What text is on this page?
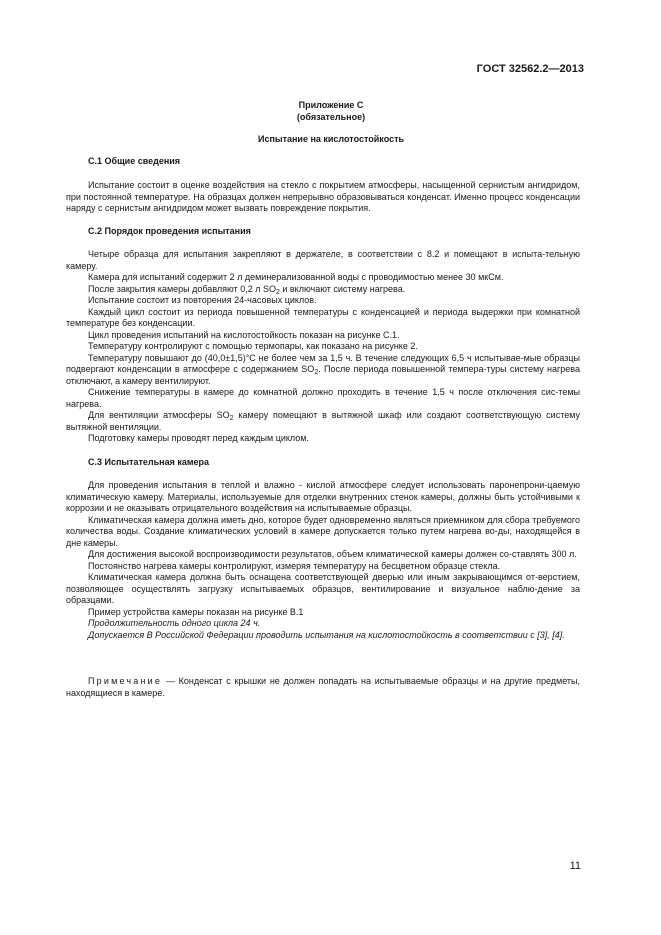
ГОСТ 32562.2—2013
Приложение С
(обязательное)
Испытание на кислотостойкость
С.1 Общие сведения

Испытание состоит в оценке воздействия на стекло с покрытием атмосферы, насыщенной сернистым ангидридом, при постоянной температуре. На образцах должен непрерывно образовываться конденсат. Именно процесс конденсации наряду с сернистым ангидридом может вызвать повреждение покрытия.

С.2 Порядок проведения испытания

Четыре образца для испытания закрепляют в держателе, в соответствии с 8.2 и помещают в испыта-тельную камеру.

Камера для испытаний содержит 2 л деминерализованной воды с проводимостью менее 30 мкСм.

После закрытия камеры добавляют 0,2 л $SO_2$ и включают систему нагрева.

Испытание состоит из повторения 24-часовых циклов.

Каждый цикл состоит из периода повышенной температуры с конденсацией и периода выдержки при комнатной температуре без конденсации.

Цикл проведения испытаний на кислотостойкость показан на рисунке С.1.

Температуру контролируют с помощью термопары, как показано на рисунке 2.

Температуру повышают до (40,0±1,5)°С не более чем за 1,5 ч. В течение следующих 6,5 ч испытывае-мые образцы подвергают конденсации в атмосфере с содержанием $SO_2$. После периода повышенной темпера-туры систему нагрева отключают, а камеру вентилируют.

Снижение температуры в камере до комнатной должно проходить в течение 1,5 ч после отключения сис-темы нагрева.

Для вентиляции атмосферы $SO_2$ камеру помещают в вытяжной шкаф или создают соответствующую систему вытяжной вентиляции.

Подготовку камеры проводят перед каждым циклом.

С.3 Испытательная камера

Для проведения испытания в теплой и влажно - кислой атмосфере следует использовать паронепрони-цаемую климатическую камеру. Материалы, используемые для отделки внутренних стенок камеры, должны быть устойчивыми к коррозии и не оказывать отрицательного воздействия на испытываемые образцы.

Климатическая камера должна иметь дно, которое будет одновременно являться приемником для сбора требуемого количества воды. Создание климатических условий в камере допускается только путем нагрева во-ды, находящейся в дне камеры.

Для достижения высокой воспроизводимости результатов, объем климатической камеры должен со-ставлять 300 л.

Постоянство нагрева камеры контролируют, измеряя температуру на бесцветном образце стекла.

Климатическая камера должна быть оснащена соответствующей дверью или иным закрывающимся от-верстием, позволяющее осуществлять загрузку испытываемых образцов, вентилирование и визуальное наблю-дение за образцами.

Пример устройства камеры показан на рисунке В.1

Продолжительность одного цикла 24 ч.

Допускается В Российской Федерации проводить испытания на кислотостойкость в соответствии с [3], [4].

Примечание — Конденсат с крышки не должен попадать на испытываемые образцы и на другие предметы, находящиеся в камере.

11
